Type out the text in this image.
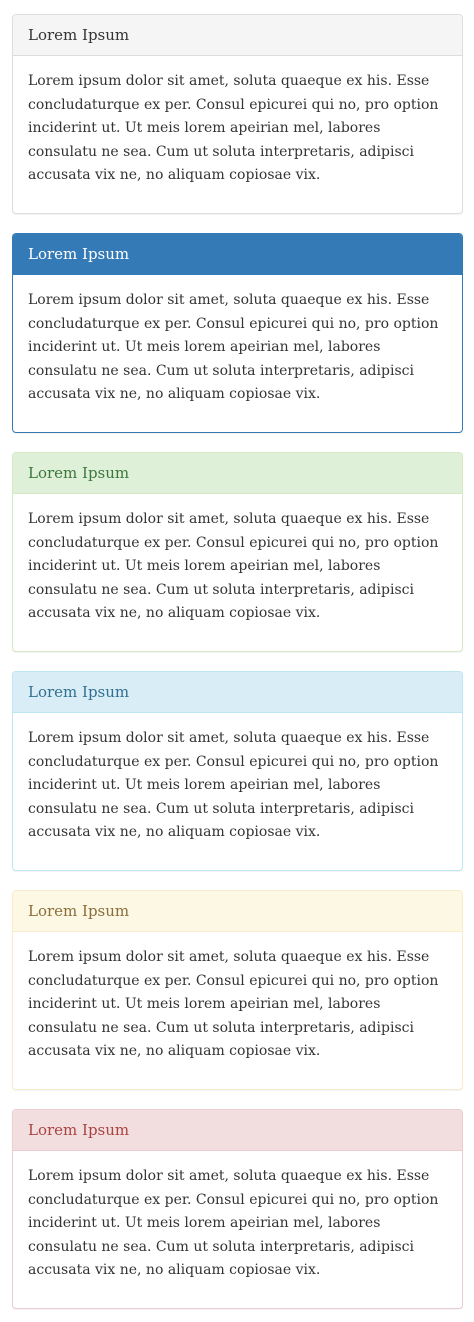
Lorem Ipsum
Lorem ipsum dolor sit amet, soluta quaeque ex his. Esse concludaturque ex per. Consul epicurei qui no, pro option inciderint ut. Ut meis lorem apeirian mel, labores consulatu ne sea. Cum ut soluta interpretaris, adipisci accusata vix ne, no aliquam copiosae vix.
Lorem Ipsum
Lorem ipsum dolor sit amet, soluta quaeque ex his. Esse concludaturque ex per. Consul epicurei qui no, pro option inciderint ut. Ut meis lorem apeirian mel, labores consulatu ne sea. Cum ut soluta interpretaris, adipisci accusata vix ne, no aliquam copiosae vix.
Lorem Ipsum
Lorem ipsum dolor sit amet, soluta quaeque ex his. Esse concludaturque ex per. Consul epicurei qui no, pro option inciderint ut. Ut meis lorem apeirian mel, labores consulatu ne sea. Cum ut soluta interpretaris, adipisci accusata vix ne, no aliquam copiosae vix.
Lorem Ipsum
Lorem ipsum dolor sit amet, soluta quaeque ex his. Esse concludaturque ex per. Consul epicurei qui no, pro option inciderint ut. Ut meis lorem apeirian mel, labores consulatu ne sea. Cum ut soluta interpretaris, adipisci accusata vix ne, no aliquam copiosae vix.
Lorem Ipsum
Lorem ipsum dolor sit amet, soluta quaeque ex his. Esse concludaturque ex per. Consul epicurei qui no, pro option inciderint ut. Ut meis lorem apeirian mel, labores consulatu ne sea. Cum ut soluta interpretaris, adipisci accusata vix ne, no aliquam copiosae vix.
Lorem Ipsum
Lorem ipsum dolor sit amet, soluta quaeque ex his. Esse concludaturque ex per. Consul epicurei qui no, pro option inciderint ut. Ut meis lorem apeirian mel, labores consulatu ne sea. Cum ut soluta interpretaris, adipisci accusata vix ne, no aliquam copiosae vix.
